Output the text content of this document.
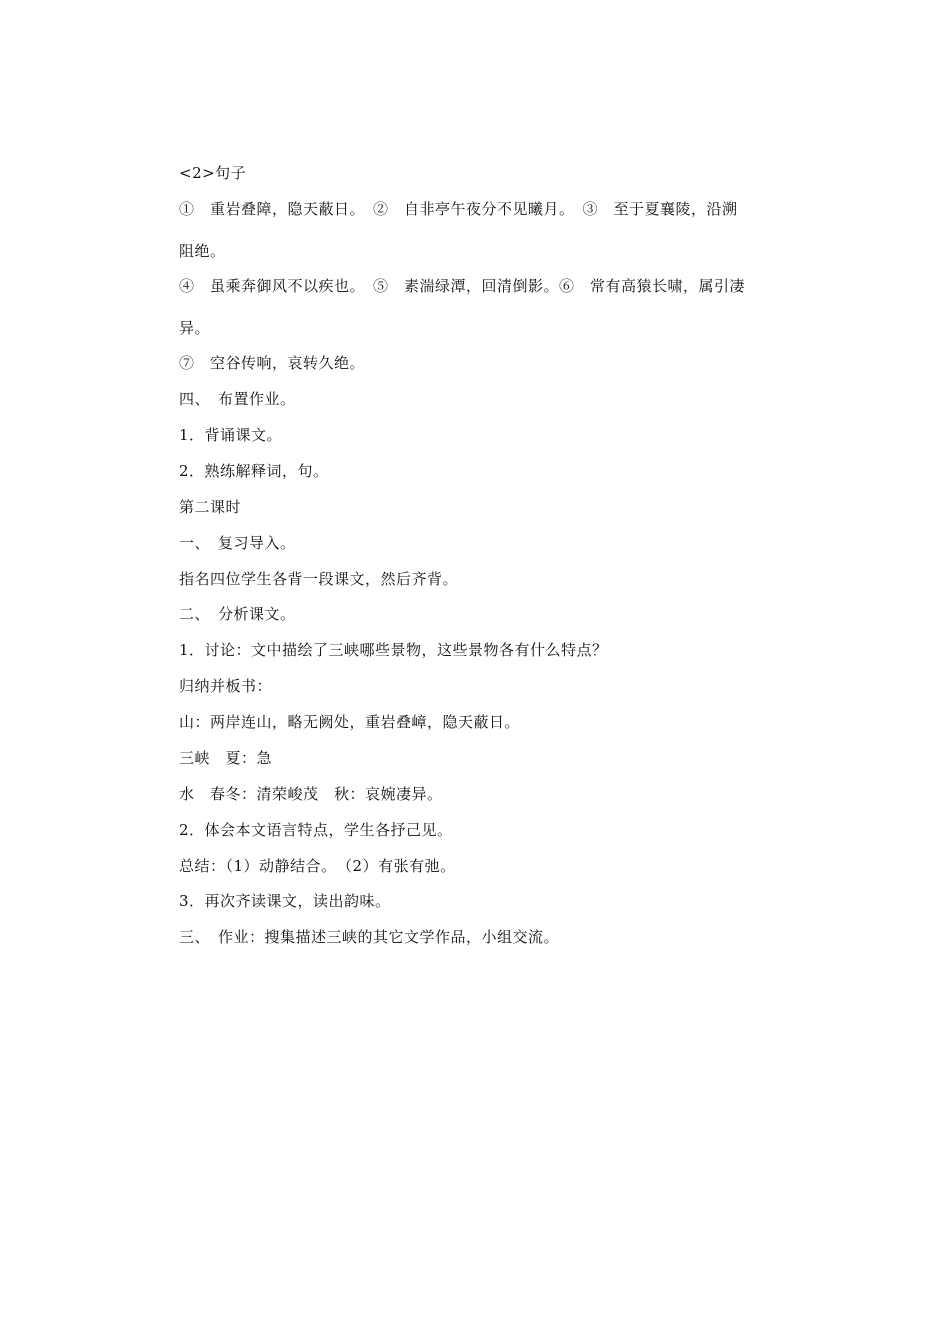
<2>句子
①　重岩叠障，隐天蔽日。　②　自非亭午夜分不见曦月。　③　至于夏襄陵，沿溯
阻绝。
④　虽乘奔御风不以疾也。　⑤　素湍绿潭，回清倒影。⑥　常有高猿长啸，属引凄
异。
⑦　空谷传响，哀转久绝。
四、　布置作业。
1．背诵课文。
2．熟练解释词，句。
第二课时
一、　复习导入。
指名四位学生各背一段课文，然后齐背。
二、　分析课文。
1．讨论：文中描绘了三峡哪些景物，这些景物各有什么特点？
归纳并板书：
山：两岸连山，略无阙处，重岩叠嶂，隐天蔽日。
三峡　夏：急
水　春冬：清荣峻茂　秋：哀婉凄异。
2．体会本文语言特点，学生各抒己见。
总结：（1）动静结合。　（2）有张有弛。
3．再次齐读课文，读出韵味。
三、　作业：搜集描述三峡的其它文学作品，小组交流。
